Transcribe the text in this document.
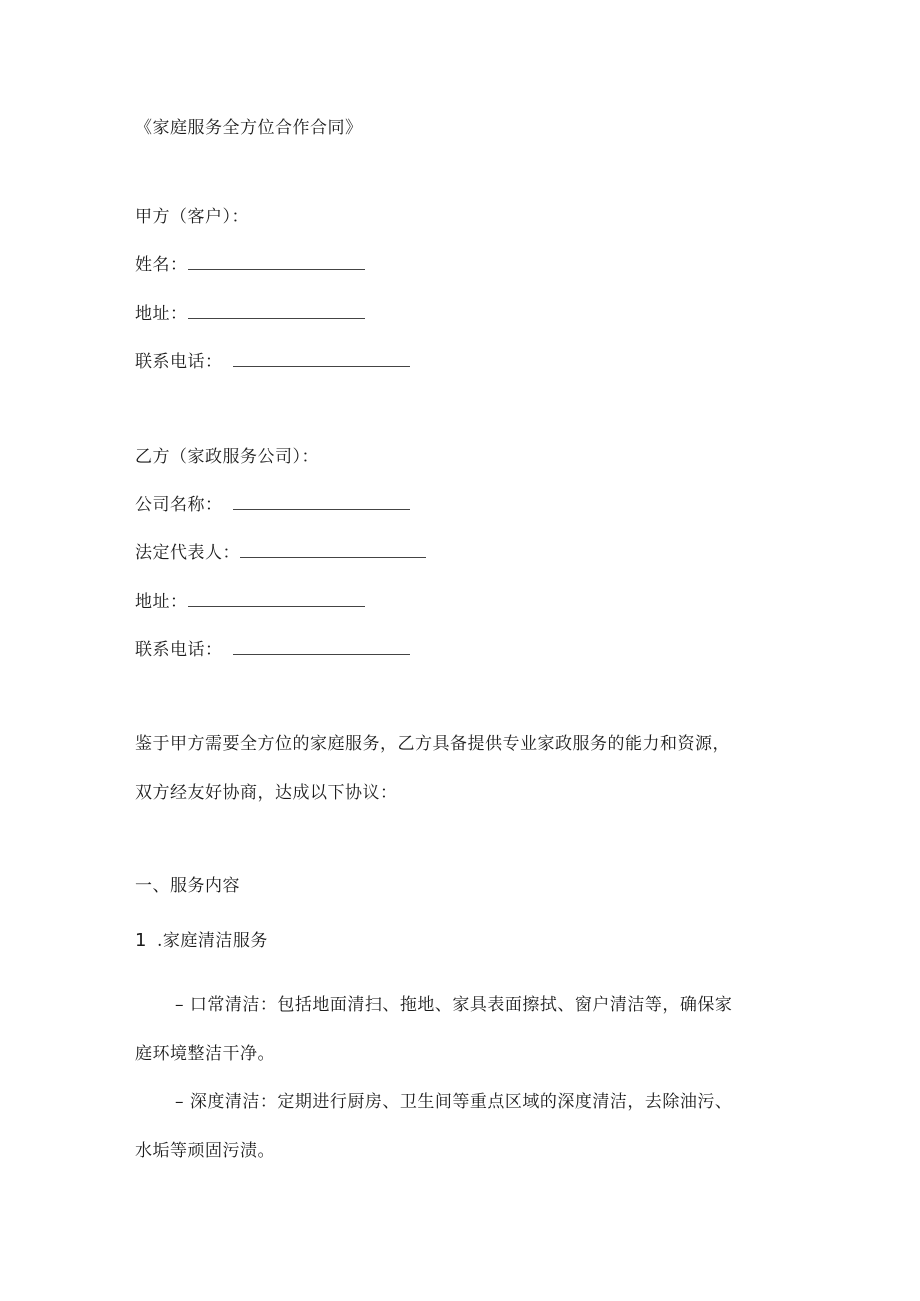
《家庭服务全方位合作合同》
甲方（客户）：
姓名：
地址：
联系电话：
乙方（家政服务公司）：
公司名称：
法定代表人：
地址：
联系电话：
鉴于甲方需要全方位的家庭服务，乙方具备提供专业家政服务的能力和资源，
双方经友好协商，达成以下协议：
一、服务内容
1 .家庭清洁服务
– 口常清洁：包括地面清扫、拖地、家具表面擦拭、窗户清洁等，确保家
庭环境整洁干净。
– 深度清洁：定期进行厨房、卫生间等重点区域的深度清洁，去除油污、
水垢等顽固污渍。
